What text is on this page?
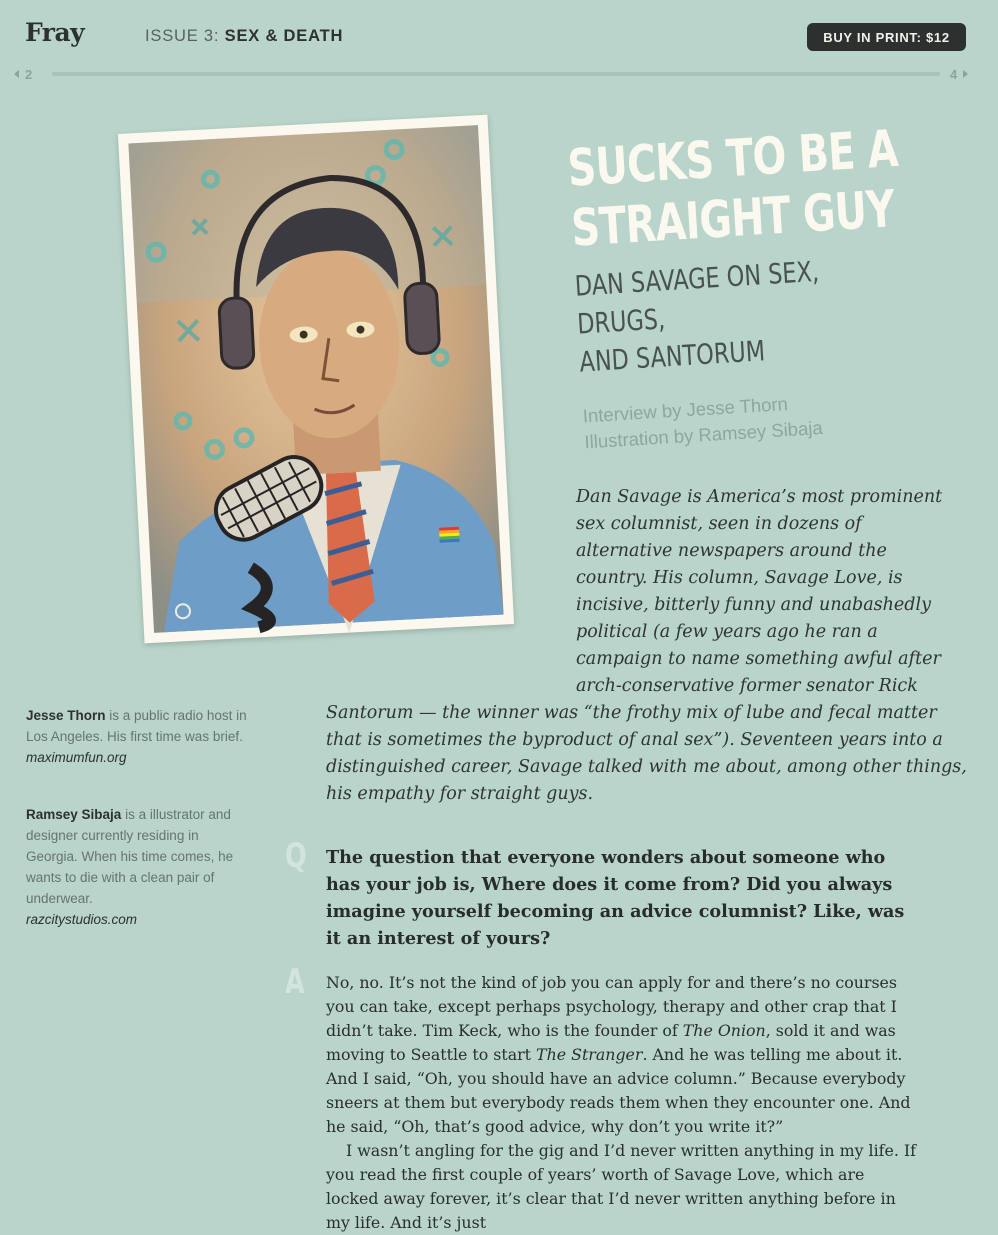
Fray	ISSUE 3: SEX & DEATH	BUY IN PRINT: $12
2	4
SUCKS TO BE A
STRAIGHT GUY
DAN SAVAGE ON SEX, DRUGS,
AND SANTORUM
Interview by Jesse Thorn
Illustration by Ramsey Sibaja
Dan Savage is America’s most prominent
sex columnist, seen in dozens of
alternative newspapers around the
country. His column, Savage Love, is
incisive, bitterly funny and unabashedly
political (a few years ago he ran a
campaign to name something awful after
arch-conservative former senator Rick
Santorum — the winner was “the frothy mix of lube and fecal matter
that is sometimes the byproduct of anal sex”). Seventeen years into a
distinguished career, Savage talked with me about, among other things,
his empathy for straight guys.
Jesse Thorn is a public radio host in Los Angeles. His first time was brief.
maximumfun.org
Ramsey Sibaja is a illustrator and designer currently residing in Georgia. When his time comes, he wants to die with a clean pair of underwear.
razcitystudios.com
Q The question that everyone wonders about someone who has your job is, Where does it come from? Did you always imagine yourself becoming an advice columnist? Like, was it an interest of yours?
A No, no. It’s not the kind of job you can apply for and there’s no courses you can take, except perhaps psychology, therapy and other crap that I didn’t take. Tim Keck, who is the founder of The Onion, sold it and was moving to Seattle to start The Stranger. And he was telling me about it. And I said, “Oh, you should have an advice column.” Because everybody sneers at them but everybody reads them when they encounter one. And he said, “Oh, that’s good advice, why don’t you write it?”

I wasn’t angling for the gig and I’d never written anything in my life. If you read the first couple of years’ worth of Savage Love, which are locked away forever, it’s clear that I’d never written anything before in my life. And it’s just
